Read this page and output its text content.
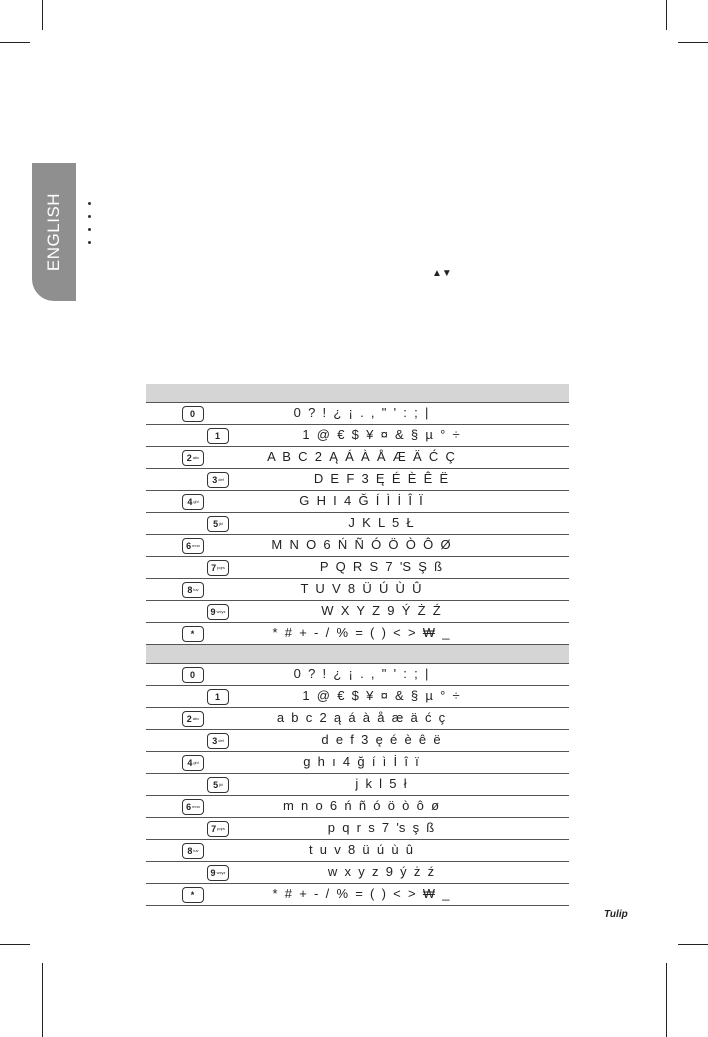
ENGLISH
▲▼
0	0  ?  !  ¿  ¡  .  ,  "  '  :  ;  |
1	1  @  €  $  ¥  ¤  &  §  µ  °  ÷
2 abc	A  B  C  2  Ą  Á  À  Å  Æ  Ä  Ć  Ç
3 def	D  E  F  3  Ę  É  È  Ê  Ë
4 ghi	G  H  I  4  Ğ  Í  Ì  İ  Î  Ï
5 jkl	J  K  L  5  Ł
6 mno	M  N  O  6  Ń  Ñ  Ó  Ö  Ò  Ô  Ø
7 pqrs	P  Q  R  S  7  'S  Ş  ß
8 tuv	T  U  V  8  Ü  Ú  Ù  Û
9 wxyz	W  X  Y  Z  9  Ý  Ż  Ź
*	*  #  +  -  /  %  =  (  )  <  >  ₩  _
0	0  ?  !  ¿  ¡  .  ,  "  '  :  ;  |
1	1  @  €  $  ¥  ¤  &  §  µ  °  ÷
2 abc	a  b  c  2  ą  á  à  å  æ  ä  ć  ç
3 def	d  e  f  3  ę  é  è  ê  ë
4 ghi	g  h  ı  4  ğ  í  ì  İ  î  ï
5 jkl	j  k  l  5  ł
6 mno	m  n  o  6  ń  ñ  ó  ö  ò  ô  ø
7 pqrs	p  q  r  s  7  's  ş  ß
8 tuv	t  u  v  8  ü  ú  ù  û
9 wxyz	w  x  y  z  9  ý  ż  ź
*	*  #  +  -  /  %  =  (  )  <  >  ₩  _
Tulip
